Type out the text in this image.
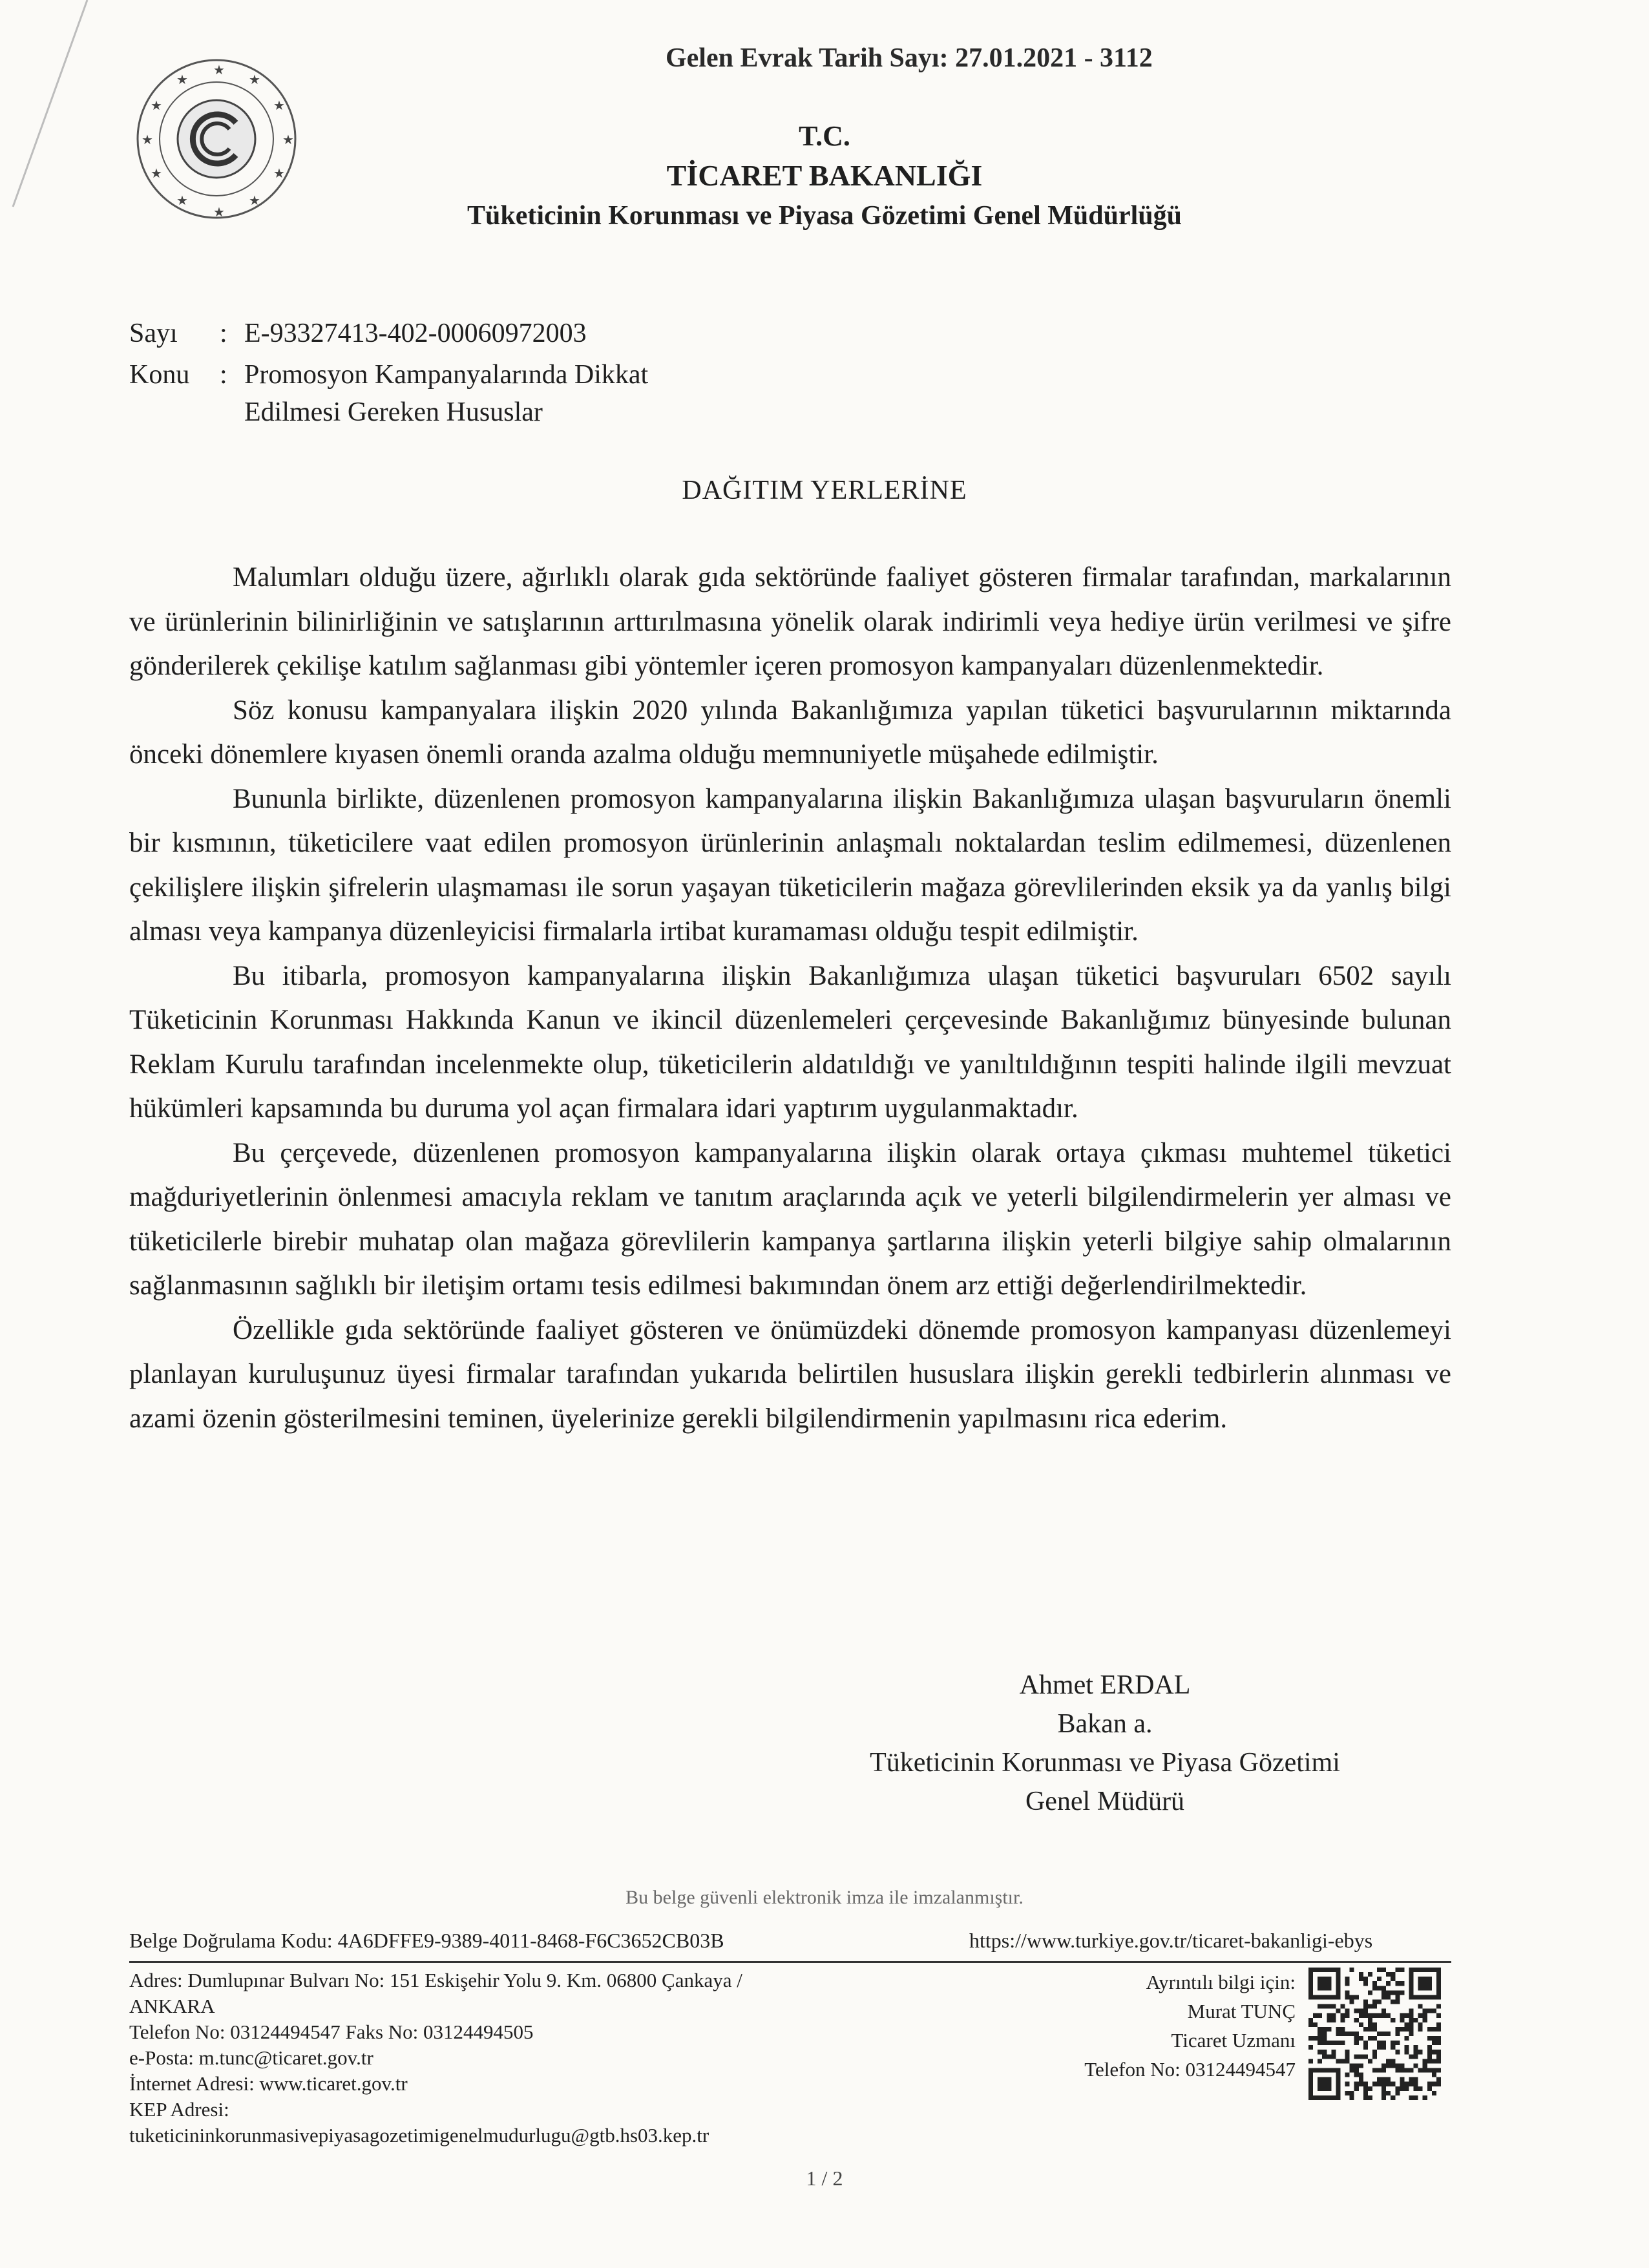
Gelen Evrak Tarih Sayı: 27.01.2021 - 3112
★
★
★
★
★
★
★
★
★
★
★
★
T.C.
TİCARET BAKANLIĞI
Tüketicinin Korunması ve Piyasa Gözetimi Genel Müdürlüğü
Sayı	: E-93327413-402-00060972003
Konu	: Promosyon Kampanyalarında Dikkat
Edilmesi Gereken Hususlar
DAĞITIM YERLERİNE

Malumları olduğu üzere, ağırlıklı olarak gıda sektöründe faaliyet gösteren firmalar tarafından, markalarının ve ürünlerinin bilinirliğinin ve satışlarının arttırılmasına yönelik olarak indirimli veya hediye ürün verilmesi ve şifre gönderilerek çekilişe katılım sağlanması gibi yöntemler içeren promosyon kampanyaları düzenlenmektedir.

Söz konusu kampanyalara ilişkin 2020 yılında Bakanlığımıza yapılan tüketici başvurularının miktarında önceki dönemlere kıyasen önemli oranda azalma olduğu memnuniyetle müşahede edilmiştir.

Bununla birlikte, düzenlenen promosyon kampanyalarına ilişkin Bakanlığımıza ulaşan başvuruların önemli bir kısmının, tüketicilere vaat edilen promosyon ürünlerinin anlaşmalı noktalardan teslim edilmemesi, düzenlenen çekilişlere ilişkin şifrelerin ulaşmaması ile sorun yaşayan tüketicilerin mağaza görevlilerinden eksik ya da yanlış bilgi alması veya kampanya düzenleyicisi firmalarla irtibat kuramaması olduğu tespit edilmiştir.

Bu itibarla, promosyon kampanyalarına ilişkin Bakanlığımıza ulaşan tüketici başvuruları 6502 sayılı Tüketicinin Korunması Hakkında Kanun ve ikincil düzenlemeleri çerçevesinde Bakanlığımız bünyesinde bulunan Reklam Kurulu tarafından incelenmekte olup, tüketicilerin aldatıldığı ve yanıltıldığının tespiti halinde ilgili mevzuat hükümleri kapsamında bu duruma yol açan firmalara idari yaptırım uygulanmaktadır.

Bu çerçevede, düzenlenen promosyon kampanyalarına ilişkin olarak ortaya çıkması muhtemel tüketici mağduriyetlerinin önlenmesi amacıyla reklam ve tanıtım araçlarında açık ve yeterli bilgilendirmelerin yer alması ve tüketicilerle birebir muhatap olan mağaza görevlilerin kampanya şartlarına ilişkin yeterli bilgiye sahip olmalarının sağlanmasının sağlıklı bir iletişim ortamı tesis edilmesi bakımından önem arz ettiği değerlendirilmektedir.

Özellikle gıda sektöründe faaliyet gösteren ve önümüzdeki dönemde promosyon kampanyası düzenlemeyi planlayan kuruluşunuz üyesi firmalar tarafından yukarıda belirtilen hususlara ilişkin gerekli tedbirlerin alınması ve azami özenin gösterilmesini teminen, üyelerinize gerekli bilgilendirmenin yapılmasını rica ederim.

Ahmet ERDAL
Bakan a.
Tüketicinin Korunması ve Piyasa Gözetimi
Genel Müdürü
Bu belge güvenli elektronik imza ile imzalanmıştır.
Belge Doğrulama Kodu: 4A6DFFE9-9389-4011-8468-F6C3652CB03B	https://www.turkiye.gov.tr/ticaret-bakanligi-ebys
Adres: Dumlupınar Bulvarı No: 151 Eskişehir Yolu 9. Km. 06800 Çankaya /
ANKARA
Telefon No: 03124494547 Faks No: 03124494505
e-Posta: m.tunc@ticaret.gov.tr
İnternet Adresi: www.ticaret.gov.tr
KEP Adresi:
tuketicininkorunmasivepiyasagozetimigenelmudurlugu@gtb.hs03.kep.tr
Ayrıntılı bilgi için:
Murat TUNÇ
Ticaret Uzmanı
Telefon No: 03124494547
1 / 2
